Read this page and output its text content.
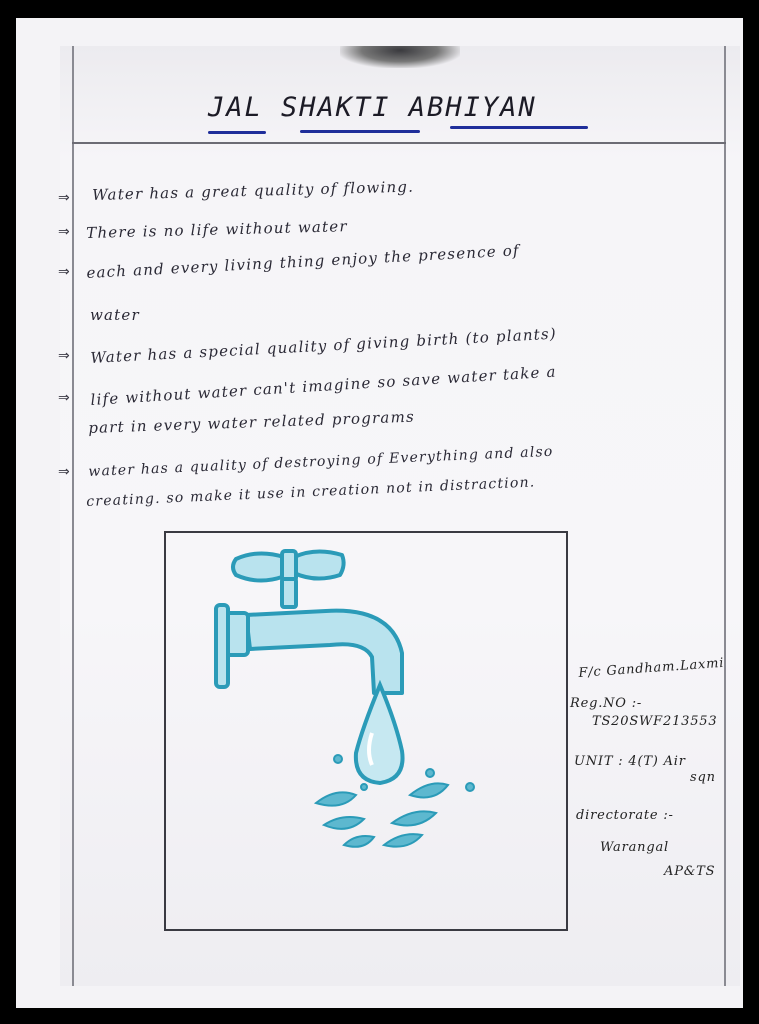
JAL SHAKTI ABHIYAN

⇒

⇒

⇒

⇒

⇒

⇒

Water has a great quality of flowing.

There is no life without water

each and every living thing enjoy the presence of

water

Water has a special quality of giving birth (to plants)

life without water can't imagine so save water take a

part in every water related programs

water has a quality of destroying of Everything and also

creating. so make it use in creation not in distraction.

F/c Gandham.Laxmi

Reg.NO :-

TS20SWF213553

UNIT : 4(T) Air

sqn

directorate :-

Warangal

AP&TS
